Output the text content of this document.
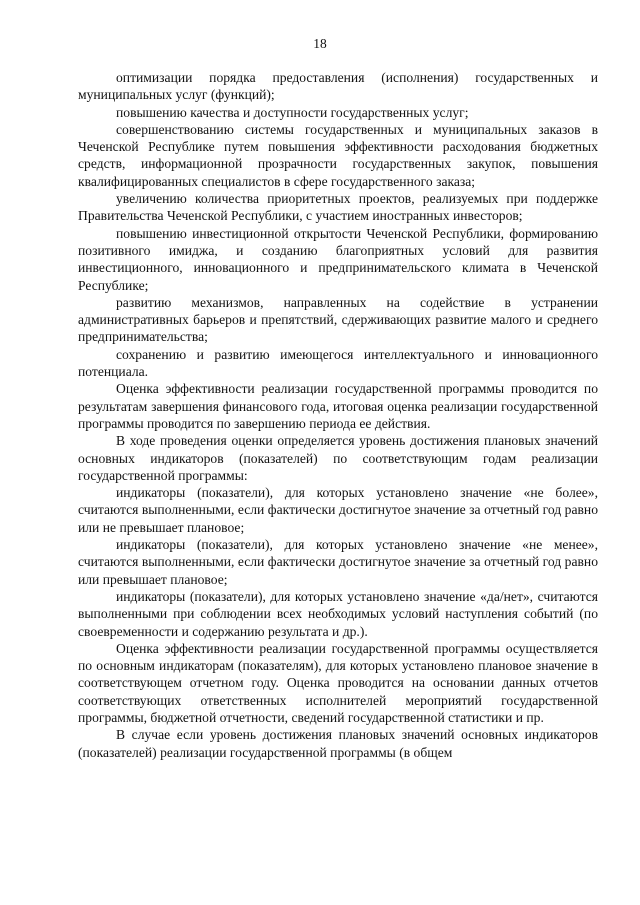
18

оптимизации порядка предоставления (исполнения) государственных и муниципальных услуг (функций);

повышению качества и доступности государственных услуг;

совершенствованию системы государственных и муниципальных заказов в Чеченской Республике путем повышения эффективности расходования бюджетных средств, информационной прозрачности государственных закупок, повышения квалифицированных специалистов в сфере государственного заказа;

увеличению количества приоритетных проектов, реализуемых при поддержке Правительства Чеченской Республики, с участием иностранных инвесторов;

повышению инвестиционной открытости Чеченской Республики, формированию позитивного имиджа, и созданию благоприятных условий для развития инвестиционного, инновационного и предпринимательского климата в Чеченской Республике;

развитию механизмов, направленных на содействие в устранении административных барьеров и препятствий, сдерживающих развитие малого и среднего предпринимательства;

сохранению и развитию имеющегося интеллектуального и инновационного потенциала.

Оценка эффективности реализации государственной программы проводится по результатам завершения финансового года, итоговая оценка реализации государственной программы проводится по завершению периода ее действия.

В ходе проведения оценки определяется уровень достижения плановых значений основных индикаторов (показателей) по соответствующим годам реализации государственной программы:

индикаторы (показатели), для которых установлено значение «не более», считаются выполненными, если фактически достигнутое значение за отчетный год равно или не превышает плановое;

индикаторы (показатели), для которых установлено значение «не менее», считаются выполненными, если фактически достигнутое значение за отчетный год равно или превышает плановое;

индикаторы (показатели), для которых установлено значение «да/нет», считаются выполненными при соблюдении всех необходимых условий наступления событий (по своевременности и содержанию результата и др.).

Оценка эффективности реализации государственной программы осуществляется по основным индикаторам (показателям), для которых установлено плановое значение в соответствующем отчетном году. Оценка проводится на основании данных отчетов соответствующих ответственных исполнителей мероприятий государственной программы, бюджетной отчетности, сведений государственной статистики и пр.

В случае если уровень достижения плановых значений основных индикаторов (показателей) реализации государственной программы (в общем
